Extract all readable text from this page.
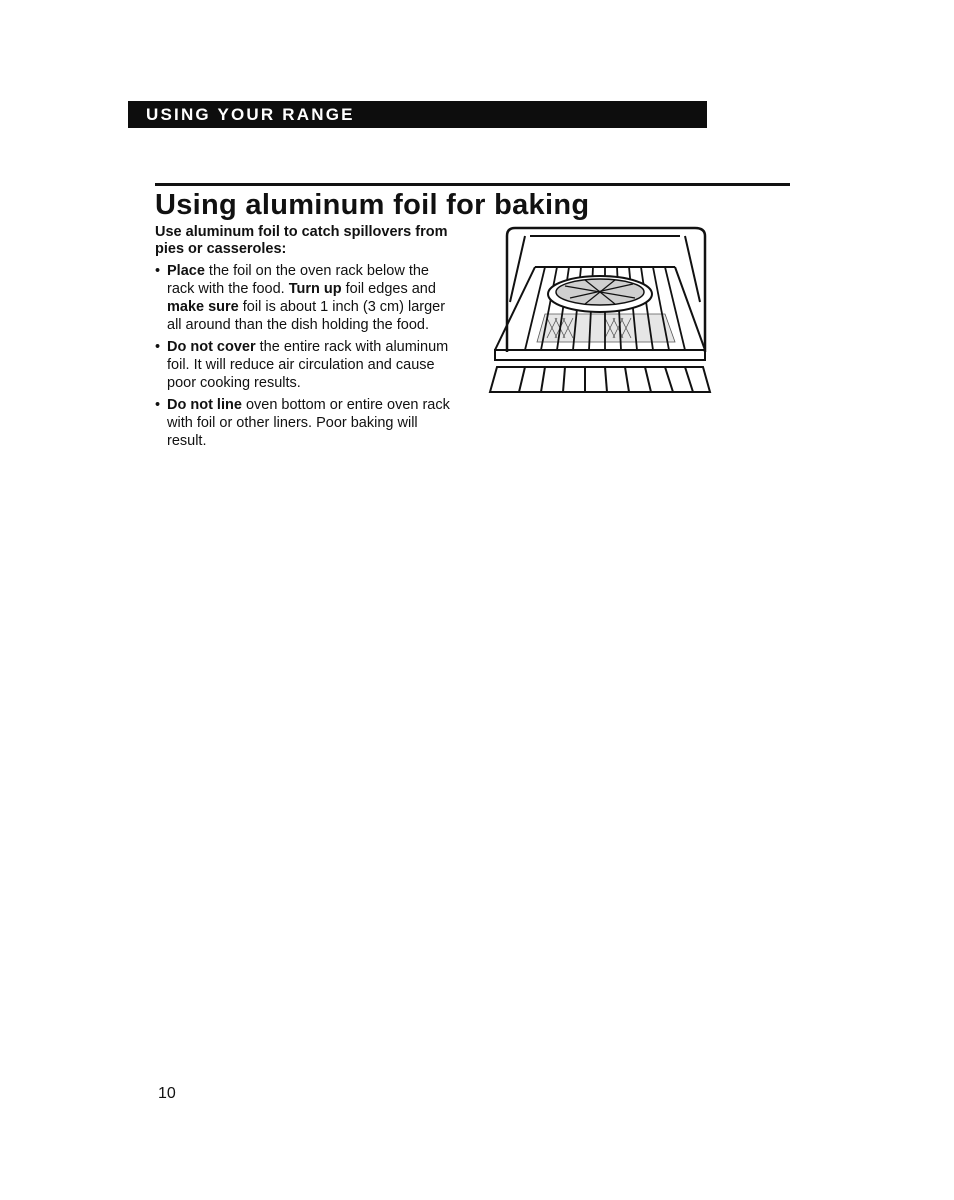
USING YOUR RANGE
Using aluminum foil for baking

Use aluminum foil to catch spillovers from pies or casseroles:

• Place the foil on the oven rack below the rack with the food. Turn up foil edges and make sure foil is about 1 inch (3 cm) larger all around than the dish holding the food.
• Do not cover the entire rack with aluminum foil. It will reduce air circulation and cause poor cooking results.
• Do not line oven bottom or entire oven rack with foil or other liners. Poor baking will result.
10
